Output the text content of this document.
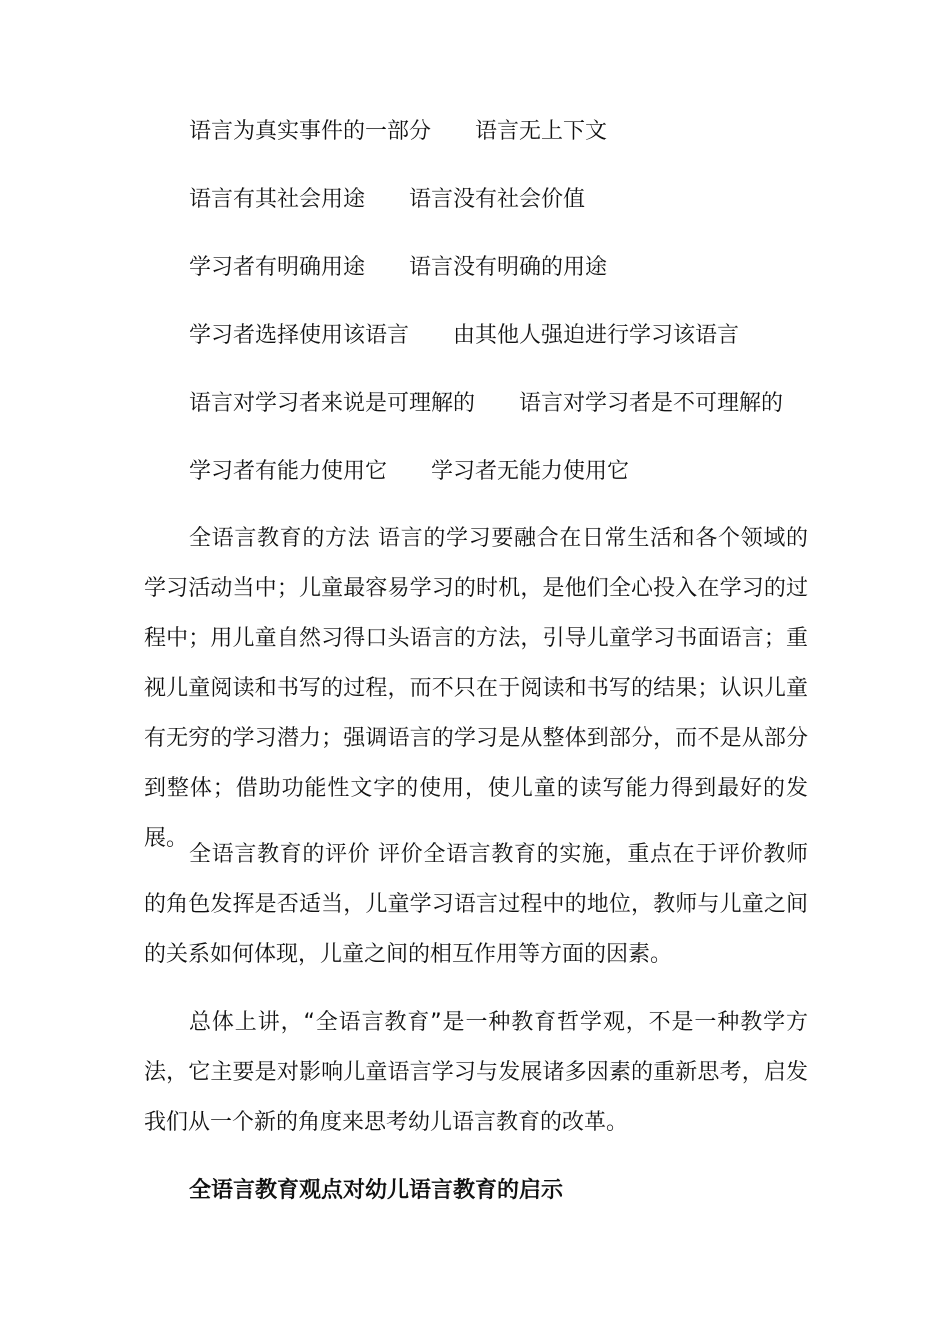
语言为真实事件的一部分 语言无上下文
语言有其社会用途 语言没有社会价值
学习者有明确用途 语言没有明确的用途
学习者选择使用该语言 由其他人强迫进行学习该语言
语言对学习者来说是可理解的 语言对学习者是不可理解的
学习者有能力使用它 学习者无能力使用它

全语言教育的方法 语言的学习要融合在日常生活和各个领域的学习活动当中；儿童最容易学习的时机，是他们全心投入在学习的过程中；用儿童自然习得口头语言的方法，引导儿童学习书面语言；重视儿童阅读和书写的过程，而不只在于阅读和书写的结果；认识儿童有无穷的学习潜力；强调语言的学习是从整体到部分，而不是从部分到整体；借助功能性文字的使用，使儿童的读写能力得到最好的发展。

全语言教育的评价 评价全语言教育的实施，重点在于评价教师的角色发挥是否适当，儿童学习语言过程中的地位，教师与儿童之间的关系如何体现，儿童之间的相互作用等方面的因素。

总体上讲，“全语言教育”是一种教育哲学观，不是一种教学方法，它主要是对影响儿童语言学习与发展诸多因素的重新思考，启发我们从一个新的角度来思考幼儿语言教育的改革。

全语言教育观点对幼儿语言教育的启示
